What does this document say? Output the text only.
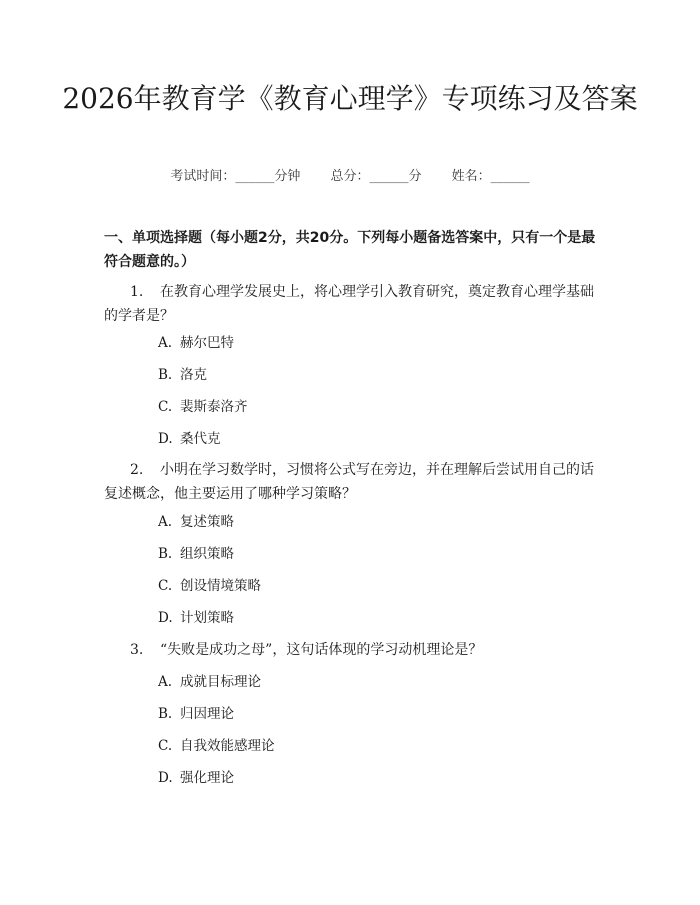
2026年教育学《教育心理学》专项练习及答案
考试时间：______分钟 总分：______分 姓名：______
一、单项选择题（每小题2分，共20分。下列每小题备选答案中，只有一个是最符合题意的。）
1. 在教育心理学发展史上，将心理学引入教育研究，奠定教育心理学基础的学者是？
A. 赫尔巴特
B. 洛克
C. 裴斯泰洛齐
D. 桑代克
2. 小明在学习数学时，习惯将公式写在旁边，并在理解后尝试用自己的话复述概念，他主要运用了哪种学习策略？
A. 复述策略
B. 组织策略
C. 创设情境策略
D. 计划策略
3. “失败是成功之母”，这句话体现的学习动机理论是？
A. 成就目标理论
B. 归因理论
C. 自我效能感理论
D. 强化理论
